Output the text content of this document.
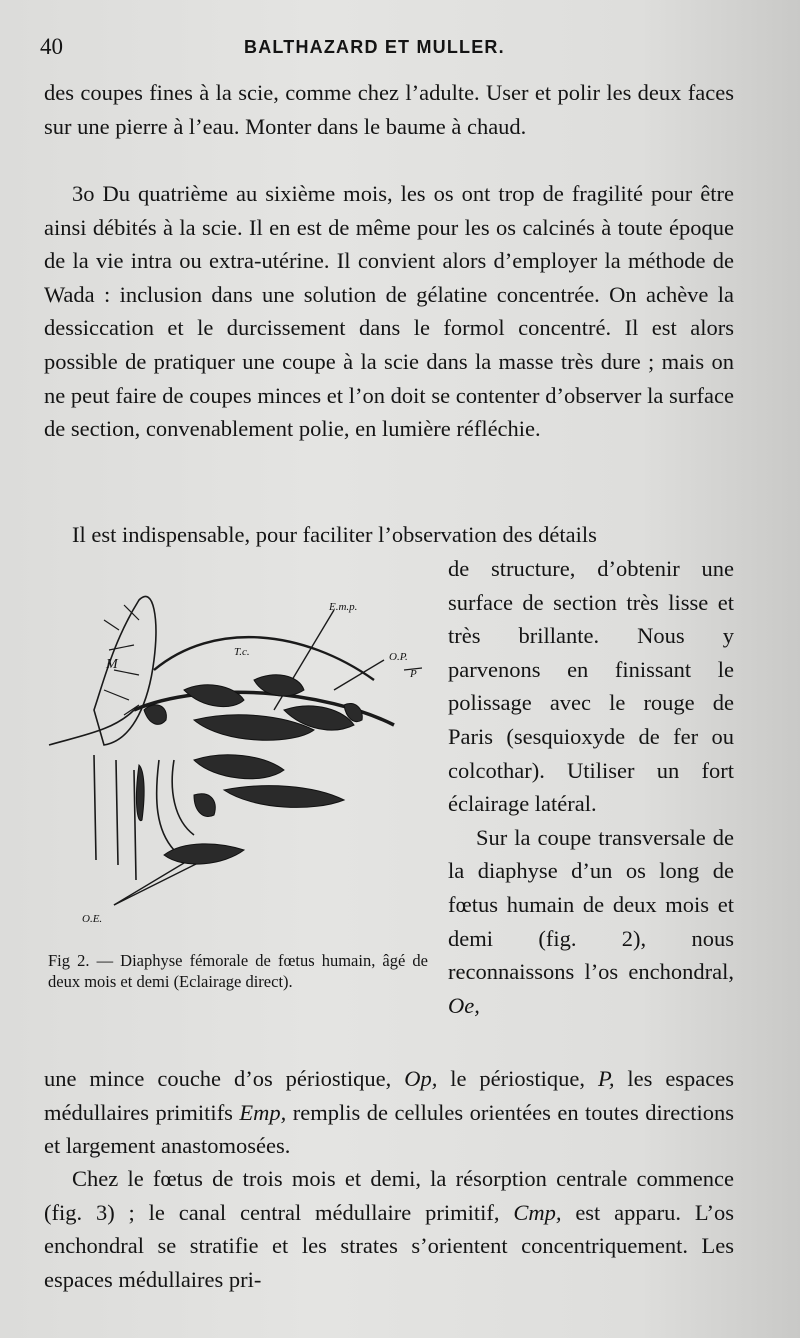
40	BALTHAZARD ET MULLER.

des coupes fines à la scie, comme chez l’adulte. User et polir les deux faces sur une pierre à l’eau. Monter dans le baume à chaud.

3o Du quatrième au sixième mois, les os ont trop de fragilité pour être ainsi débités à la scie. Il en est de même pour les os calcinés à toute époque de la vie intra ou extra-utérine. Il convient alors d’employer la méthode de Wada : inclusion dans une solution de gélatine concentrée. On achève la dessiccation et le durcissement dans le formol concentré. Il est alors possible de pratiquer une coupe à la scie dans la masse très dure ; mais on ne peut faire de coupes minces et l’on doit se contenter d’observer la surface de section, convenablement polie, en lumière réfléchie.

Il est indispensable, pour faciliter l’observation des détails

E.m.p.
T.c.	O.P.
P
M
O.E.

Fig 2. — Diaphyse fémorale de fœtus humain, âgé de deux mois et demi (Eclairage direct).

de structure, d’obtenir une surface de section très lisse et très brillante. Nous y parvenons en finissant le polissage avec le rouge de Paris (sesquioxyde de fer ou colcothar). Utiliser un fort éclairage latéral.

Sur la coupe transversale de la diaphyse d’un os long de fœtus humain de deux mois et demi (fig. 2), nous reconnaissons l’os enchondral, Oe,

une mince couche d’os périostique, Op, le périostique, P, les espaces médullaires primitifs Emp, remplis de cellules orientées en toutes directions et largement anastomosées.

Chez le fœtus de trois mois et demi, la résorption centrale commence (fig. 3) ; le canal central médullaire primitif, Cmp, est apparu. L’os enchondral se stratifie et les strates s’orientent concentriquement. Les espaces médullaires pri-
